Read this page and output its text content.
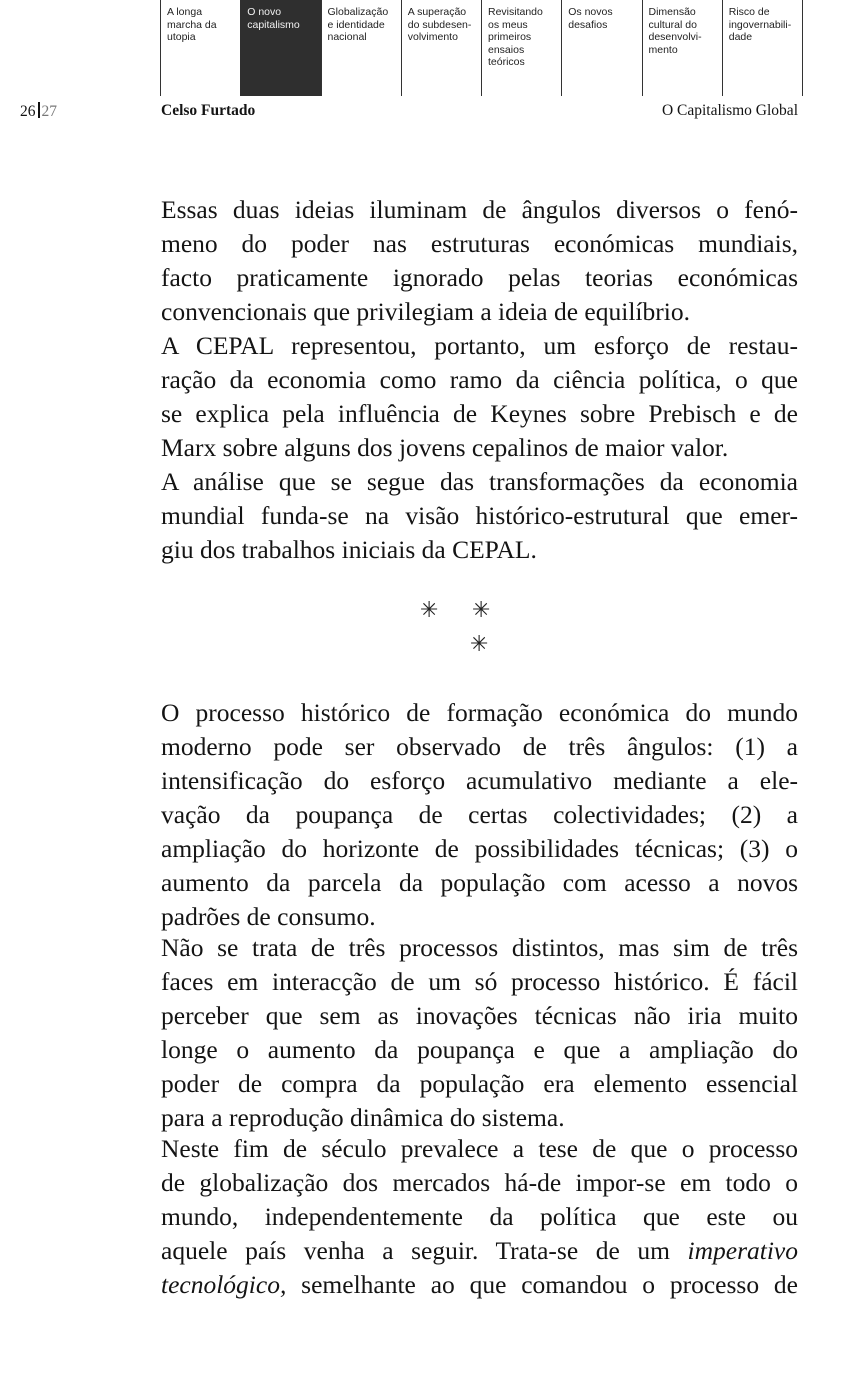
A longa
marcha da
utopia
O novo
capitalismo
Globalização
e identidade
nacional
A superação
do subdesen-
volvimento
Revisitando
os meus
primeiros
ensaios
teóricos
Os novos
desafios
Dimensão
cultural do
desenvolvi-
mento
Risco de
ingovernabili-
dade
26 27	Celso Furtado	O Capitalismo Global
Essas duas ideias iluminam de ângulos diversos o fenó-
meno do poder nas estruturas económicas mundiais,
facto praticamente ignorado pelas teorias económicas
convencionais que privilegiam a ideia de equilíbrio.
A CEPAL representou, portanto, um esforço de restau-
ração da economia como ramo da ciência política, o que
se explica pela influência de Keynes sobre Prebisch e de
Marx sobre alguns dos jovens cepalinos de maior valor.
A análise que se segue das transformações da economia
mundial funda-se na visão histórico-estrutural que emer-
giu dos trabalhos iniciais da CEPAL.
✳ ✳
✳
O processo histórico de formação económica do mundo
moderno pode ser observado de três ângulos: (1) a
intensificação do esforço acumulativo mediante a ele-
vação da poupança de certas colectividades; (2) a
ampliação do horizonte de possibilidades técnicas; (3) o
aumento da parcela da população com acesso a novos
padrões de consumo.
Não se trata de três processos distintos, mas sim de três
faces em interacção de um só processo histórico. É fácil
perceber que sem as inovações técnicas não iria muito
longe o aumento da poupança e que a ampliação do
poder de compra da população era elemento essencial
para a reprodução dinâmica do sistema.
Neste fim de século prevalece a tese de que o processo
de globalização dos mercados há-de impor-se em todo o
mundo, independentemente da política que este ou
aquele país venha a seguir. Trata-se de um imperativo
tecnológico, semelhante ao que comandou o processo de
